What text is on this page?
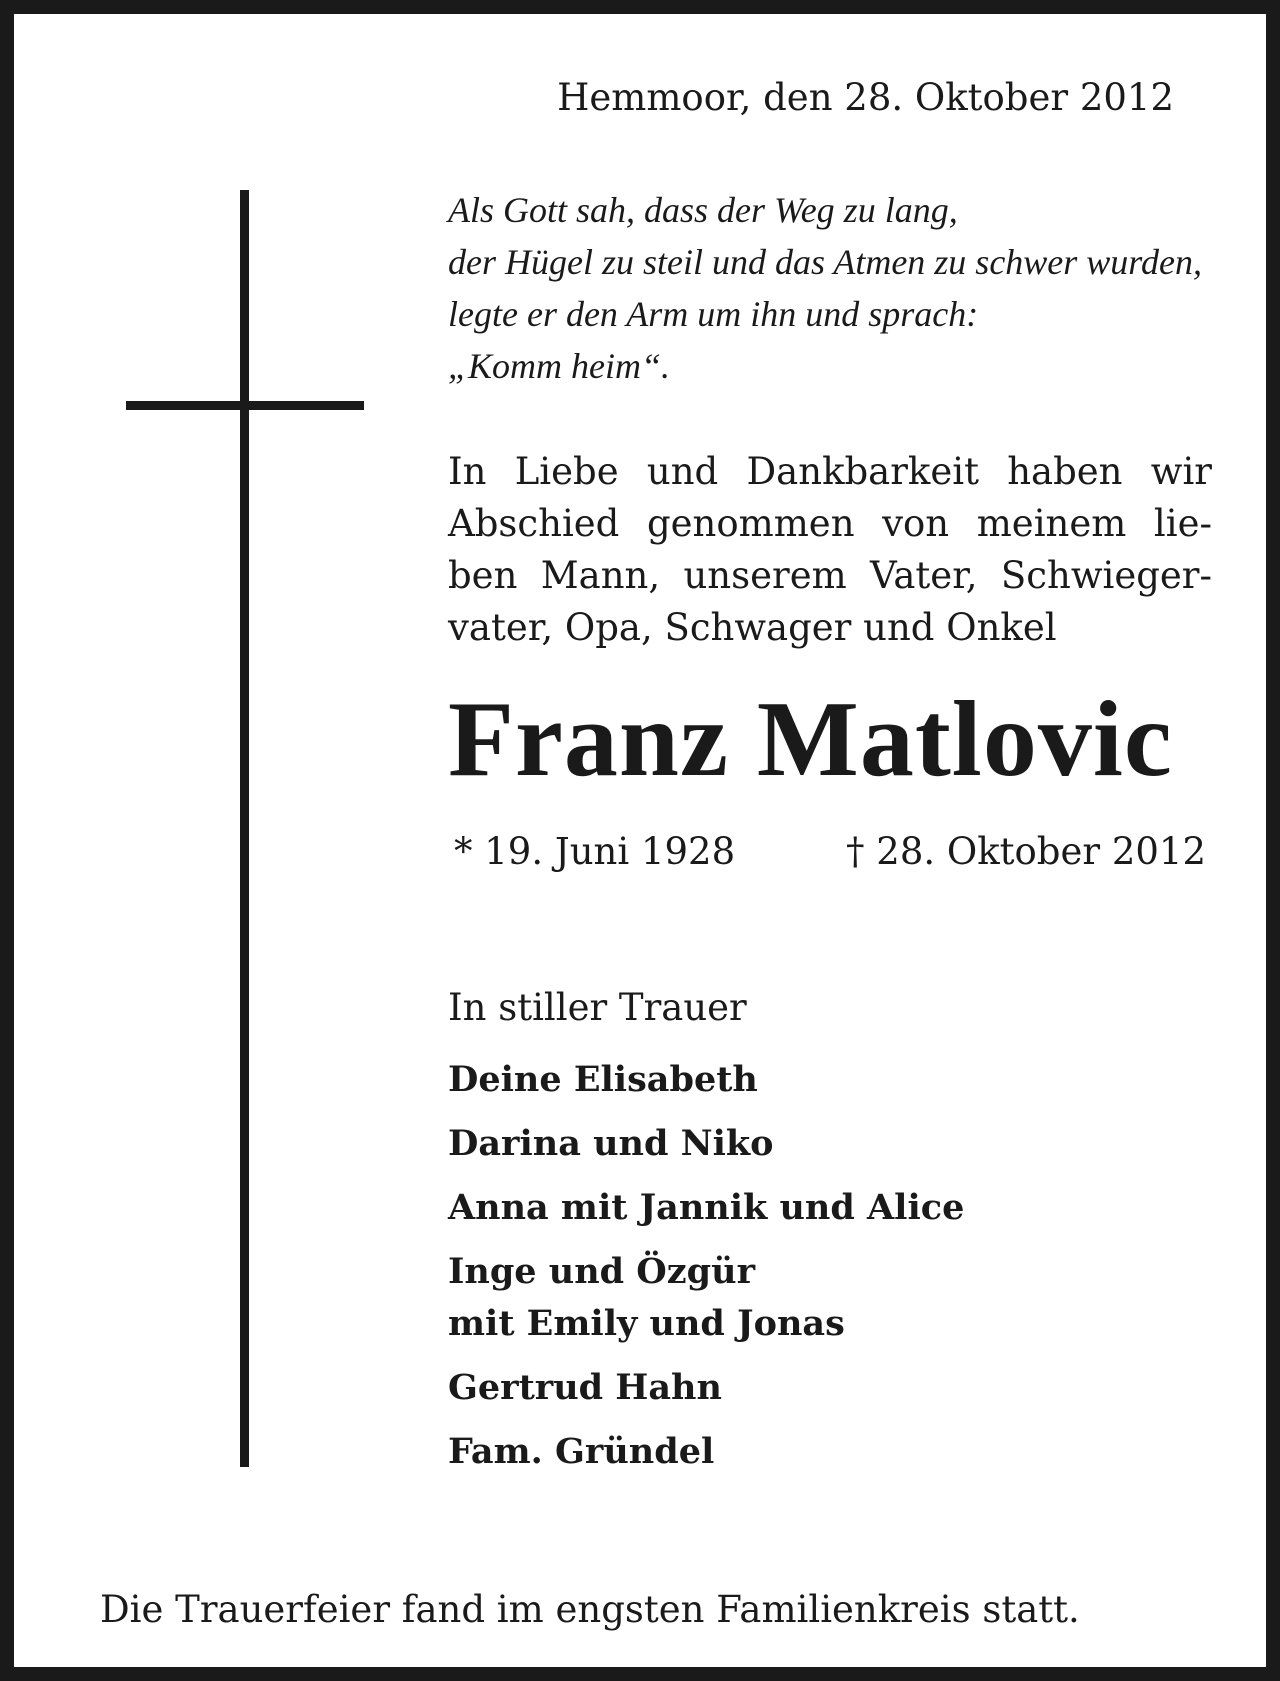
Hemmoor, den 28. Oktober 2012
Als Gott sah, dass der Weg zu lang,
der Hügel zu steil und das Atmen zu schwer wurden,
legte er den Arm um ihn und sprach:
„Komm heim“.
In Liebe und Dankbarkeit haben wir
Abschied genommen von meinem lie-
ben Mann, unserem Vater, Schwieger-
vater, Opa, Schwager und Onkel
Franz Matlovic
* 19. Juni 1928	† 28. Oktober 2012
In stiller Trauer
Deine Elisabeth
Darina und Niko
Anna mit Jannik und Alice
Inge und Özgür
mit Emily und Jonas
Gertrud Hahn
Fam. Gründel
Die Trauerfeier fand im engsten Familienkreis statt.
